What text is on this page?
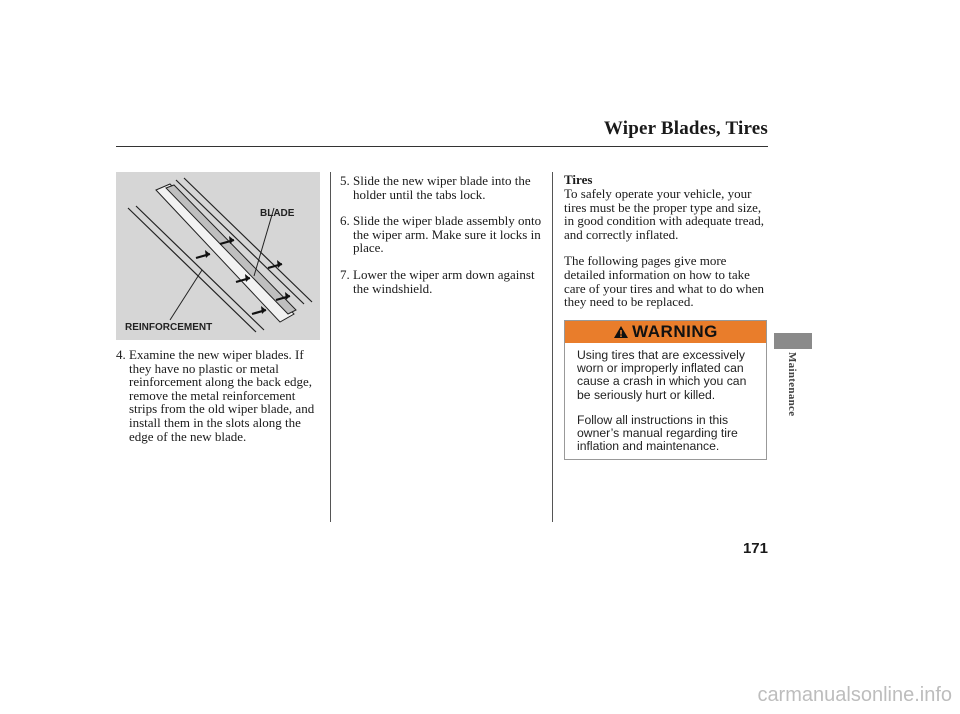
Wiper Blades, Tires
BLADE
REINFORCEMENT
4. Examine the new wiper blades. If they have no plastic or metal reinforcement along the back edge, remove the metal reinforcement strips from the old wiper blade, and install them in the slots along the edge of the new blade.
5. Slide the new wiper blade into the holder until the tabs lock.
6. Slide the wiper blade assembly onto the wiper arm. Make sure it locks in place.
7. Lower the wiper arm down against the windshield.
Tires

To safely operate your vehicle, your tires must be the proper type and size, in good condition with adequate tread, and correctly inflated.

The following pages give more detailed information on how to take care of your tires and what to do when they need to be replaced.

WARNING

Using tires that are excessively worn or improperly inflated can cause a crash in which you can be seriously hurt or killed.

Follow all instructions in this owner’s manual regarding tire inflation and maintenance.

Maintenance
171
carmanualsonline.info
